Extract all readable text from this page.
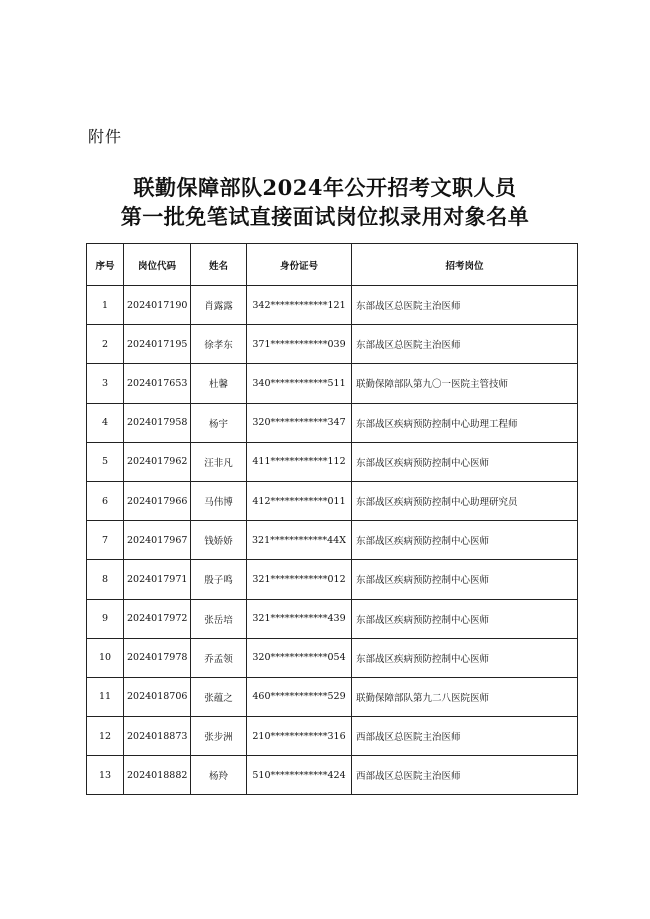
附件
联勤保障部队2024年公开招考文职人员
第一批免笔试直接面试岗位拟录用对象名单
序号	岗位代码	姓名	身份证号	招考岗位
1	2024017190	肖露露	342************121	东部战区总医院主治医师
2	2024017195	徐孝东	371************039	东部战区总医院主治医师
3	2024017653	杜馨	340************511	联勤保障部队第九〇一医院主管技师
4	2024017958	杨宇	320************347	东部战区疾病预防控制中心助理工程师
5	2024017962	汪非凡	411************112	东部战区疾病预防控制中心医师
6	2024017966	马伟博	412************011	东部战区疾病预防控制中心助理研究员
7	2024017967	钱娇娇	321************44X	东部战区疾病预防控制中心医师
8	2024017971	殷子鸣	321************012	东部战区疾病预防控制中心医师
9	2024017972	张岳培	321************439	东部战区疾病预防控制中心医师
10	2024017978	乔孟领	320************054	东部战区疾病预防控制中心医师
11	2024018706	张蕴之	460************529	联勤保障部队第九二八医院医师
12	2024018873	张步洲	210************316	西部战区总医院主治医师
13	2024018882	杨羚	510************424	西部战区总医院主治医师
